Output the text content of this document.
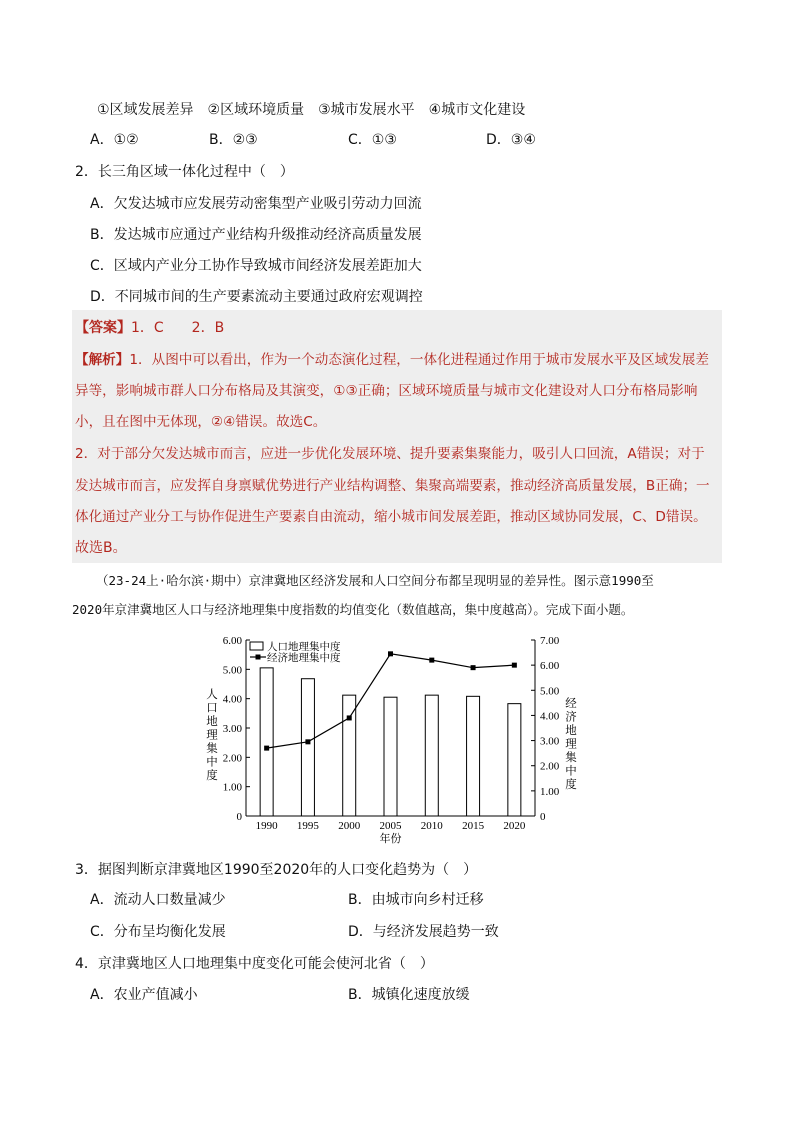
①区域发展差异　②区域环境质量　③城市发展水平　④城市文化建设
A．①②	B．②③	C．①③	D．③④
2．长三角区域一体化过程中（　）
A．欠发达城市应发展劳动密集型产业吸引劳动力回流
B．发达城市应通过产业结构升级推动经济高质量发展
C．区域内产业分工协作导致城市间经济发展差距加大
D．不同城市间的生产要素流动主要通过政府宏观调控
【答案】1．C　　2．B
【解析】1．从图中可以看出，作为一个动态演化过程，一体化进程通过作用于城市发展水平及区域发展差
异等，影响城市群人口分布格局及其演变，①③正确；区域环境质量与城市文化建设对人口分布格局影响
小，且在图中无体现，②④错误。故选C。
2．对于部分欠发达城市而言，应进一步优化发展环境、提升要素集聚能力，吸引人口回流，A错误；对于
发达城市而言，应发挥自身禀赋优势进行产业结构调整、集聚高端要素，推动经济高质量发展，B正确；一
体化通过产业分工与协作促进生产要素自由流动，缩小城市间发展差距，推动区域协同发展，C、D错误。
故选B。
（23-24上·哈尔滨·期中）京津冀地区经济发展和人口空间分布都呈现明显的差异性。图示意1990至
2020年京津冀地区人口与经济地理集中度指数的均值变化（数值越高，集中度越高）。完成下面小题。
0
1.00
2.00
3.00
4.00
5.00
6.00
0
1.00
2.00
3.00
4.00
5.00
6.00
7.00
1990 1995 2000 2005 2010 2015 2020
年份
人口地理集中度
经济地理集中度
人口地理集中度
经济地理集中度
3．据图判断京津冀地区1990至2020年的人口变化趋势为（　）
A．流动人口数量减少	B．由城市向乡村迁移
C．分布呈均衡化发展	D．与经济发展趋势一致
4．京津冀地区人口地理集中度变化可能会使河北省（　）
A．农业产值减小	B．城镇化速度放缓
